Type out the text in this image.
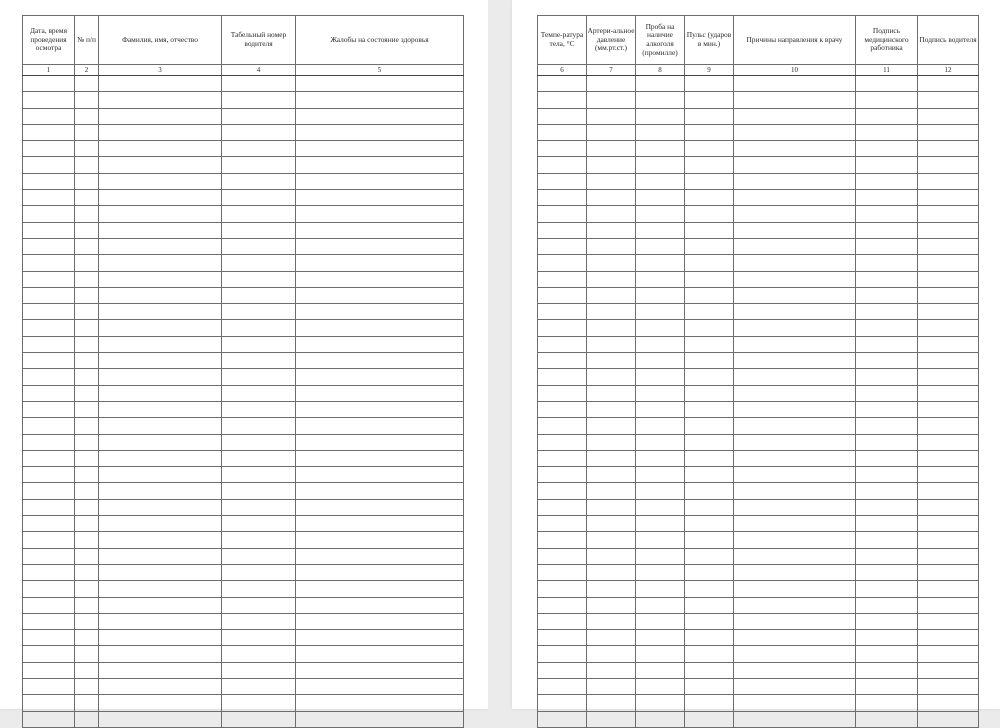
Дата, время проведения осмотра	№ п/п	Фамилия, имя, отчество	Табельный номер водителя	Жалобы на состояние здоровья
1	2	3	4	5

Темпе-ратура тела, °С	Артери-альное давление (мм.рт.ст.)	Проба на наличие алкоголя (промилле)	Пульс (ударов в мин.)	Причины направления к врачу	Подпись медицинского работника	Подпись водителя
6	7	8	9	10	11	12
